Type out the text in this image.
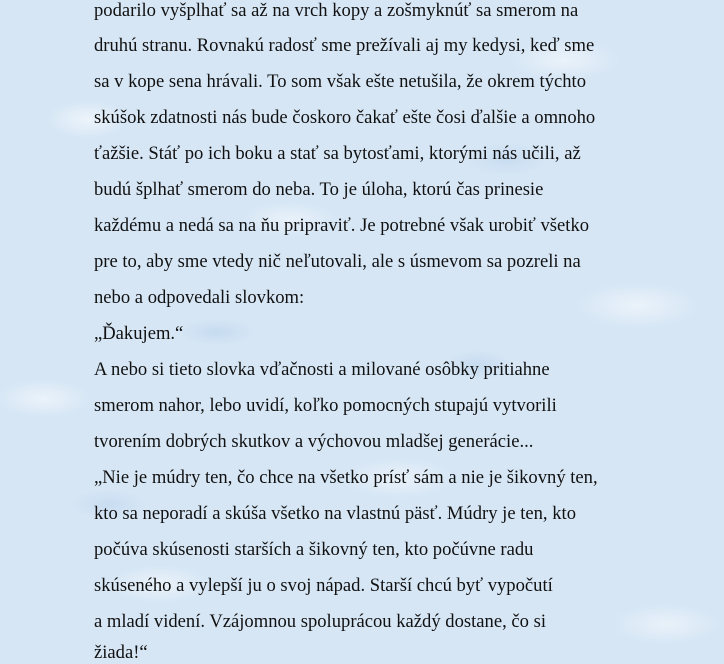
podarilo vyšplhať sa až na vrch kopy a zošmyknúť sa smerom na
druhú stranu. Rovnakú radosť sme prežívali aj my kedysi, keď sme
sa v kope sena hrávali. To som však ešte netušila, že okrem týchto
skúšok zdatnosti nás bude čoskoro čakať ešte čosi ďalšie a omnoho
ťažšie. Stáť po ich boku a stať sa bytosťami, ktorými nás učili, až
budú šplhať smerom do neba. To je úloha, ktorú čas prinesie
každému a nedá sa na ňu pripraviť. Je potrebné však urobiť všetko
pre to, aby sme vtedy nič neľutovali, ale s úsmevom sa pozreli na
nebo a odpovedali slovkom:
„Ďakujem.“
A nebo si tieto slovka vďačnosti a milované osôbky pritiahne
smerom nahor, lebo uvidí, koľko pomocných stupajú vytvorili
tvorením dobrých skutkov a výchovou mladšej generácie...
„Nie je múdry ten, čo chce na všetko prísť sám a nie je šikovný ten,
kto sa neporadí a skúša všetko na vlastnú päsť. Múdry je ten, kto
počúva skúsenosti starších a šikovný ten, kto počúvne radu
skúseného a vylepší ju o svoj nápad. Starší chcú byť vypočutí
a mladí videní. Vzájomnou spoluprácou každý dostane, čo si
žiada!“
